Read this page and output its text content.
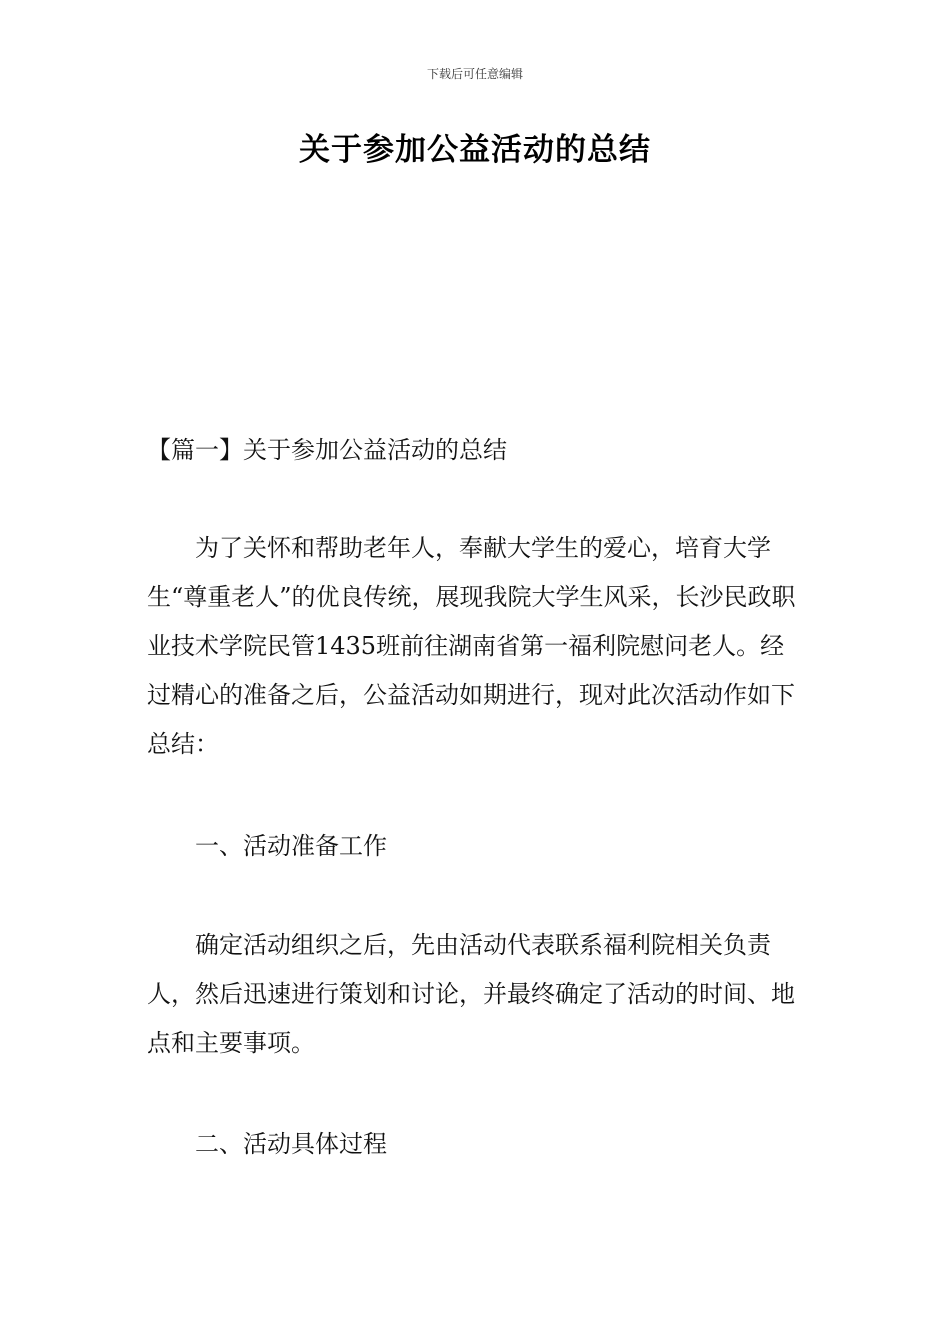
下载后可任意编辑
关于参加公益活动的总结

【篇一】关于参加公益活动的总结

为了关怀和帮助老年人，奉献大学生的爱心，培育大学生“尊重老人”的优良传统，展现我院大学生风采，长沙民政职业技术学院民管1435班前往湖南省第一福利院慰问老人。经过精心的准备之后，公益活动如期进行，现对此次活动作如下总结：

一、活动准备工作

确定活动组织之后，先由活动代表联系福利院相关负责人，然后迅速进行策划和讨论，并最终确定了活动的时间、地点和主要事项。

二、活动具体过程
